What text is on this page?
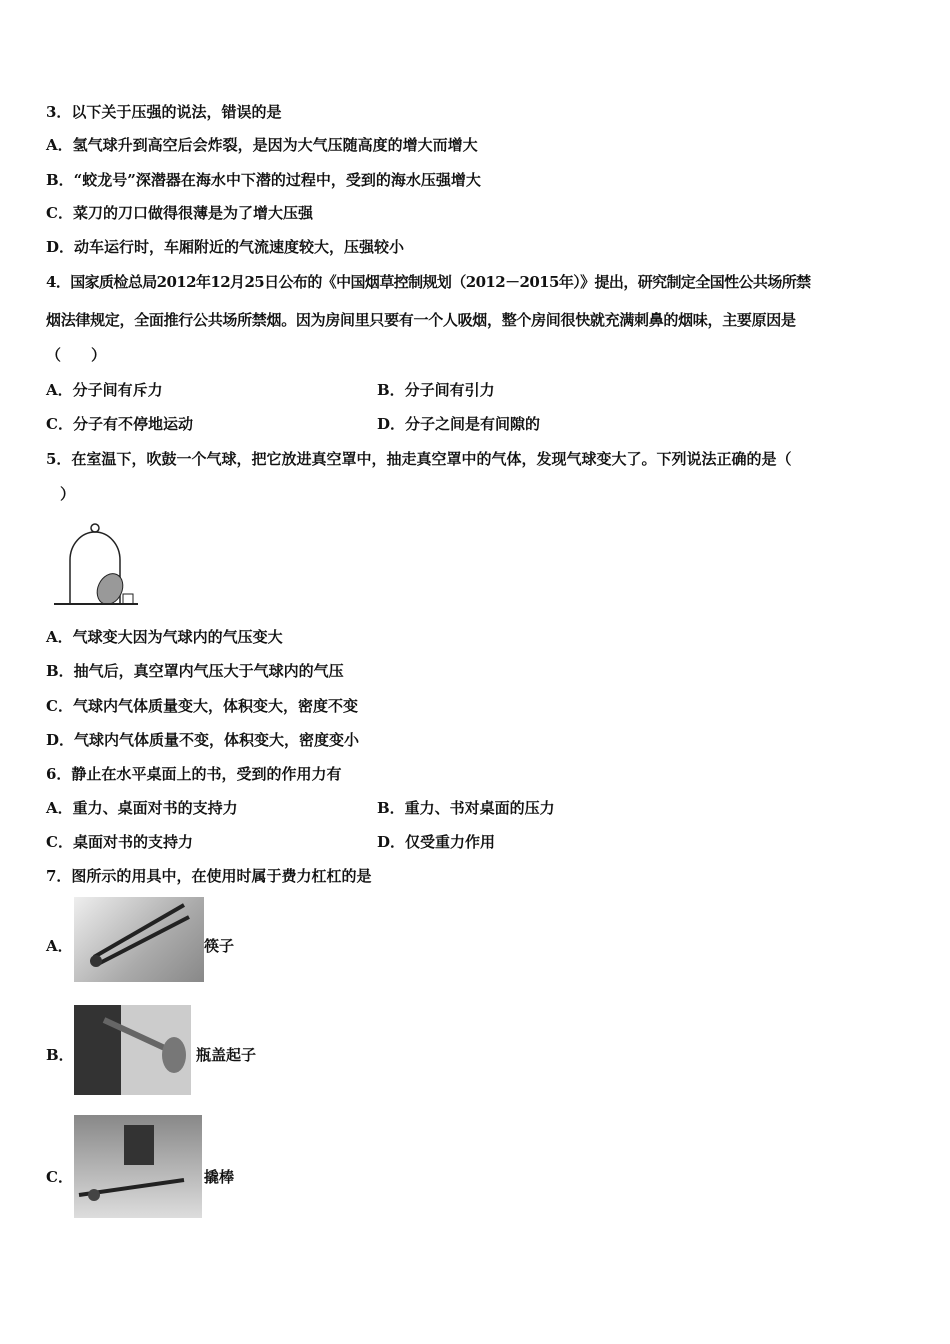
3．以下关于压强的说法，错误的是
A．氢气球升到高空后会炸裂，是因为大气压随高度的增大而增大
B．“蛟龙号”深潜器在海水中下潜的过程中，受到的海水压强增大
C．菜刀的刀口做得很薄是为了增大压强
D．动车运行时，车厢附近的气流速度较大，压强较小
4．国家质检总局2012年12月25日公布的《中国烟草控制规划（2012－2015年）》提出，研究制定全国性公共场所禁
烟法律规定，全面推行公共场所禁烟。因为房间里只要有一个人吸烟，整个房间很快就充满刺鼻的烟味，主要原因是
（　　）
A．分子间有斥力	B．分子间有引力
C．分子有不停地运动	D．分子之间是有间隙的
5．在室温下，吹鼓一个气球，把它放进真空罩中，抽走真空罩中的气体，发现气球变大了。下列说法正确的是（
）
A．气球变大因为气球内的气压变大
B．抽气后，真空罩内气压大于气球内的气压
C．气球内气体质量变大，体积变大，密度不变
D．气球内气体质量不变，体积变大，密度变小
6．静止在水平桌面上的书，受到的作用力有
A．重力、桌面对书的支持力	B．重力、书对桌面的压力
C．桌面对书的支持力	D．仅受重力作用
7．图所示的用具中，在使用时属于费力杠杠的是
A．	筷子
B．	瓶盖起子
C．	撬棒
